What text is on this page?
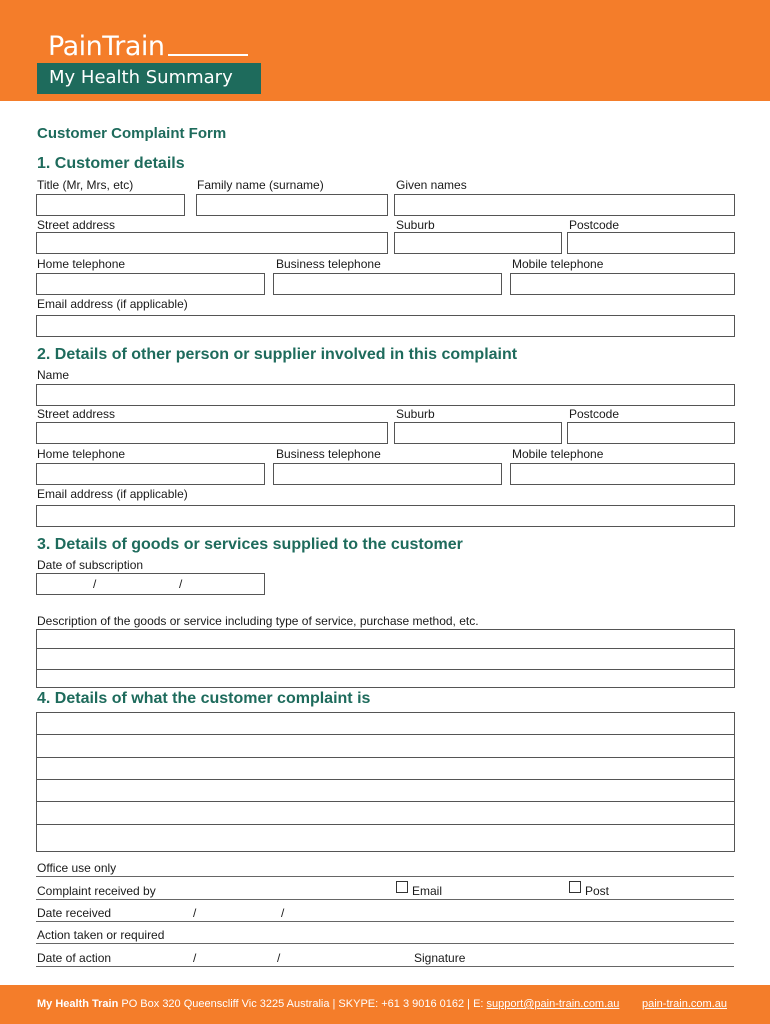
PainTrain
My Health Summary
Customer Complaint Form
1. Customer details
Title (Mr, Mrs, etc)	Family name (surname)	Given names
Street address	Suburb	Postcode
Home telephone	Business telephone	Mobile telephone
Email address (if applicable)
2. Details of other person or supplier involved in this complaint
Name
Street address	Suburb	Postcode
Home telephone	Business telephone	Mobile telephone
Email address (if applicable)
3. Details of goods or services supplied to the customer
Date of subscription
/	/
Description of the goods or service including type of service, purchase method, etc.
4. Details of what the customer complaint is
Office use only
Complaint received by	Email	Post
Date received	/	/
Action taken or required
Date of action	/	/	Signature
My Health Train PO Box 320 Queenscliff Vic 3225 Australia | SKYPE: +61 3 9016 0162 | E: support@pain-train.com.au pain-train.com.au
